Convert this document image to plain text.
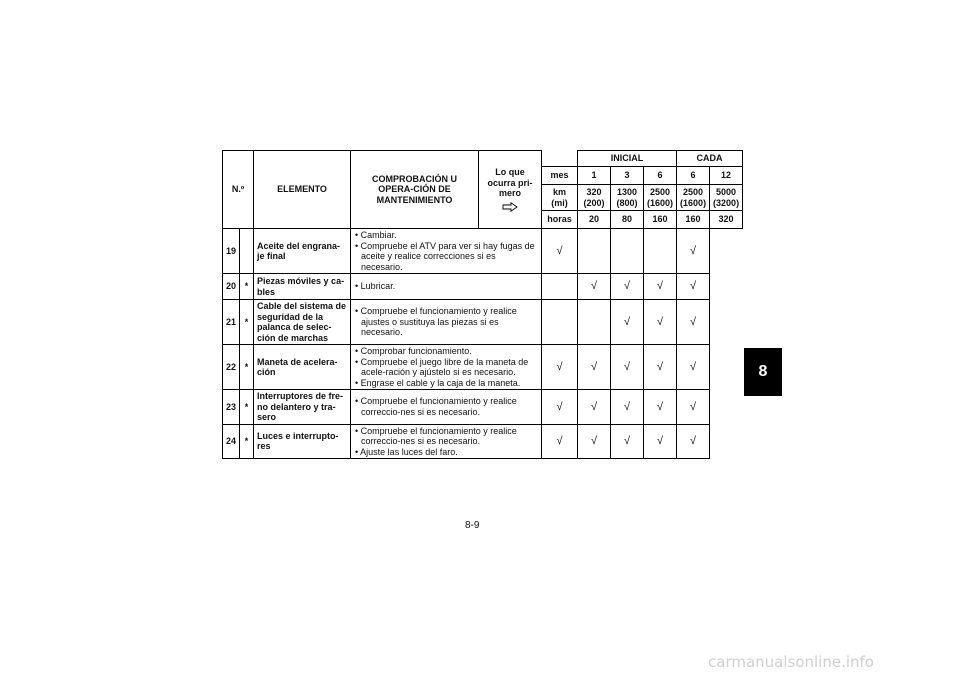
N.º		ELEMENTO	COMPROBACIÓN U OPERA-CIÓN DE MANTENIMIENTO	Lo que ocurra pri-mero		INICIAL			CADA	
					mes	1	3	6	6	12
					km (mi)	320 (200)	1300 (800)	2500 (1600)	2500 (1600)	5000 (3200)
					horas	20	80	160	160	320
19		Aceite del engrana-je final	• Cambiar.
• Compruebe el ATV para ver si hay fugas de aceite y realice correcciones si es necesario.		√				√	
20	*	Piezas móviles y ca-bles	• Lubricar.			√	√	√	√	
21	*	Cable del sistema de seguridad de la palanca de selec-ción de marchas	• Compruebe el funcionamiento y realice ajustes o sustituya las piezas si es necesario.				√	√	√	
22	*	Maneta de acelera-ción	• Comprobar funcionamiento.
• Compruebe el juego libre de la maneta de acele-ración y ajústelo si es necesario.
• Engrase el cable y la caja de la maneta.		√	√	√	√	√	
23	*	Interruptores de fre-no delantero y tra-sero	• Compruebe el funcionamiento y realice correccio-nes si es necesario.		√	√	√	√	√	
24	*	Luces e interrupto-res	• Compruebe el funcionamiento y realice correccio-nes si es necesario.
• Ajuste las luces del faro.		√	√	√	√	√	
8
8-9
carmanualsonline.info
